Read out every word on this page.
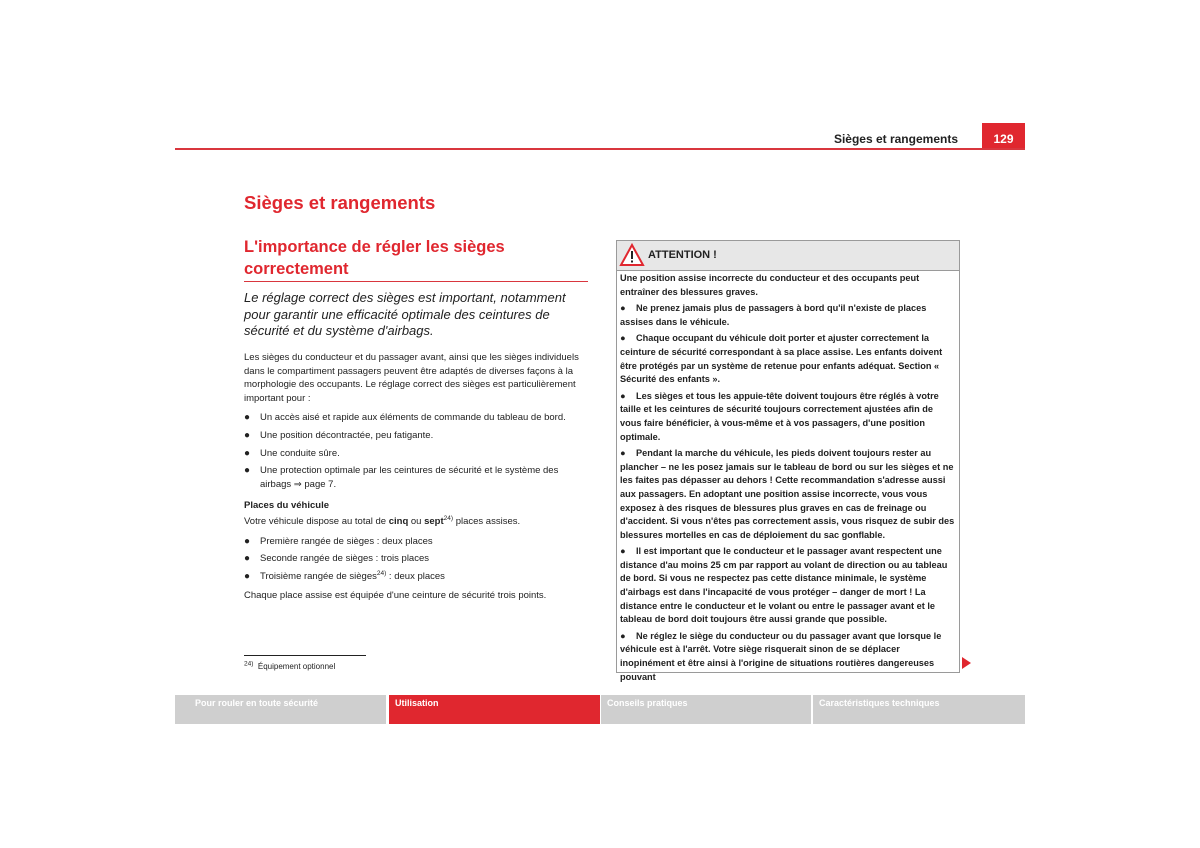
Sièges et rangements	129
Sièges et rangements
L'importance de régler les sièges correctement
Le réglage correct des sièges est important, notamment pour garantir une efficacité optimale des ceintures de sécurité et du système d'airbags.

Les sièges du conducteur et du passager avant, ainsi que les sièges individuels dans le compartiment passagers peuvent être adaptés de diverses façons à la morphologie des occupants. Le réglage correct des sièges est particulièrement important pour :

● Un accès aisé et rapide aux éléments de commande du tableau de bord.
● Une position décontractée, peu fatigante.
● Une conduite sûre.
● Une protection optimale par les ceintures de sécurité et le système des airbags ⇒ page 7.
Places du véhicule

Votre véhicule dispose au total de cinq ou sept$^{24)}$ places assises.

● Première rangée de sièges : deux places
● Seconde rangée de sièges : trois places
● Troisième rangée de sièges$^{24)}$ : deux places

Chaque place assise est équipée d'une ceinture de sécurité trois points.

$^{24)}$ Équipement optionnel
ATTENTION !

Une position assise incorrecte du conducteur et des occupants peut entraîner des blessures graves.

● Ne prenez jamais plus de passagers à bord qu'il n'existe de places assises dans le véhicule.

● Chaque occupant du véhicule doit porter et ajuster correctement la ceinture de sécurité correspondant à sa place assise. Les enfants doivent être protégés par un système de retenue pour enfants adéquat. Section « Sécurité des enfants ».

● Les sièges et tous les appuie-tête doivent toujours être réglés à votre taille et les ceintures de sécurité toujours correctement ajustées afin de vous faire bénéficier, à vous-même et à vos passagers, d'une position optimale.

● Pendant la marche du véhicule, les pieds doivent toujours rester au plancher – ne les posez jamais sur le tableau de bord ou sur les sièges et ne les faites pas dépasser au dehors ! Cette recommandation s'adresse aussi aux passagers. En adoptant une position assise incorrecte, vous vous exposez à des risques de blessures plus graves en cas de freinage ou d'accident. Si vous n'êtes pas correctement assis, vous risquez de subir des blessures mortelles en cas de déploiement du sac gonflable.

● Il est important que le conducteur et le passager avant respectent une distance d'au moins 25 cm par rapport au volant de direction ou au tableau de bord. Si vous ne respectez pas cette distance minimale, le système d'airbags est dans l'incapacité de vous protéger – danger de mort ! La distance entre le conducteur et le volant ou entre le passager avant et le tableau de bord doit toujours être aussi grande que possible.

● Ne réglez le siège du conducteur ou du passager avant que lorsque le véhicule est à l'arrêt. Votre siège risquerait sinon de se déplacer inopinément et être ainsi à l'origine de situations routières dangereuses pouvant

Pour rouler en toute sécurité	Utilisation	Conseils pratiques	Caractéristiques techniques
